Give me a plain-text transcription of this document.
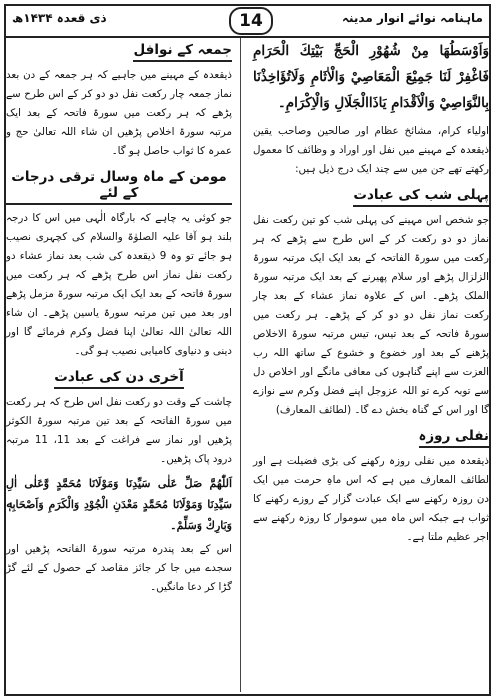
ماہنامہ نوائے انوار مدینہ
14
ذی قعدہ ۱۴۳۴ھ

وَاَوْسَطُهَا مِنْ شُهُوْرِ الْحَجِّ بَيْتِكَ الْحَرَامِ فَاغْفِرْ لَنَا جَمِيْعَ الْمَعَاصِيْ وَالْاٰثَامِ وَلَاتُؤَاخِذْنَا بِالنَّوَاصِيْ وَالْاَقْدَامِ يَاذَاالْجَلَالِ وَالْاِكْرَامِ۔

اولیاء کرام، مشائخ عظام اور صالحین وصاحب یقین ذیقعدہ کے مہینے میں نفل اور اوراد و وظائف کا معمول رکھتے تھے جن میں سے چند ایک درج ذیل ہیں:

پہلی شب کی عبادت

جو شخص اس مہینے کی پہلی شب کو تین رکعت نفل نماز دو دو رکعت کر کے اس طرح سے پڑھے کہ ہر رکعت میں سورۃ الفاتحہ کے بعد ایک ایک مرتبہ سورۃ الزلزال پڑھے اور سلام پھیرنے کے بعد ایک مرتبہ سورۃ الملک پڑھے۔ اس کے علاوہ نماز عشاء کے بعد چار رکعت نماز نفل دو دو کر کے پڑھے۔ ہر رکعت میں سورۃ فاتحہ کے بعد تیس، تیس مرتبہ سورۃ الاخلاص پڑھنے کے بعد اور خضوع و خشوع کے ساتھ اللہ رب العزت سے اپنے گناہوں کی معافی مانگے اور اخلاص دل سے توبہ کرے تو اللہ عزوجل اپنے فضل وکرم سے نوازے گا اور اس کے گناہ بخش دے گا۔ (لطائف المعارف)

نفلی روزہ

ذیقعدہ میں نفلی روزہ رکھنے کی بڑی فضیلت ہے اور لطائف المعارف میں ہے کہ اس ماہِ حرمت میں ایک دن روزہ رکھنے سے ایک عبادت گزار کے روزے رکھنے کا ثواب ہے جبکہ اس ماہ میں سوموار کا روزہ رکھنے سے اجر عظیم ملتا ہے۔

جمعہ کے نوافل

ذیقعدہ کے مہینے میں جاہیے کہ ہر جمعہ کے دن بعد نماز جمعہ چار رکعت نفل دو دو کر کے اس طرح سے پڑھے کہ ہر رکعت میں سورۃ فاتحہ کے بعد ایک مرتبہ سورۃ اخلاص پڑھیں ان شاء اللہ تعالیٰ حج و عمرہ کا ثواب حاصل ہو گا۔

مومن کے ماہ وسال ترقی درجات کے لئے

جو کوئی یہ چاہے کہ بارگاہ الٰہی میں اس کا درجہ بلند ہو آقا علیہ الصلوٰۃ والسلام کی کچہری نصیب ہو جائے تو وہ 9 ذیقعدہ کی شب بعد نماز عشاء دو رکعت نفل نماز اس طرح پڑھے کہ ہر رکعت میں سورۃ فاتحہ کے بعد ایک ایک مرتبہ سورۃ مزمل پڑھے اور بعد میں تین مرتبہ سورۃ یاسین پڑھے۔ ان شاء اللہ تعالیٰ اللہ تعالیٰ اپنا فضل وکرم فرمائے گا اور دینی و دنیاوی کامیابی نصیب ہو گی۔

آخری دن کی عبادت

چاشت کے وقت دو رکعت نفل اس طرح کہ ہر رکعت میں سورۃ الفاتحہ کے بعد تین مرتبہ سورۃ الکوثر پڑھیں اور نماز سے فراغت کے بعد 11، 11 مرتبہ درود پاک پڑھیں۔

اَللّٰهُمَّ صَلِّ عَلٰى سَيِّدِنَا وَمَوْلَانَا مُحَمَّدٍ وَّعَلٰى اٰلِ سَيِّدِنَا وَمَوْلَانَا مُحَمَّدٍ مَعْدَنِ الْجُوْدِ وَالْكَرَمِ وَاَصْحَابِهٖ وَبَارِكْ وَسَلِّمْ۔

اس کے بعد پندرہ مرتبہ سورۃ الفاتحہ پڑھیں اور سجدے میں جا کر جائز مقاصد کے حصول کے لئے گڑ گڑا کر دعا مانگیں۔
